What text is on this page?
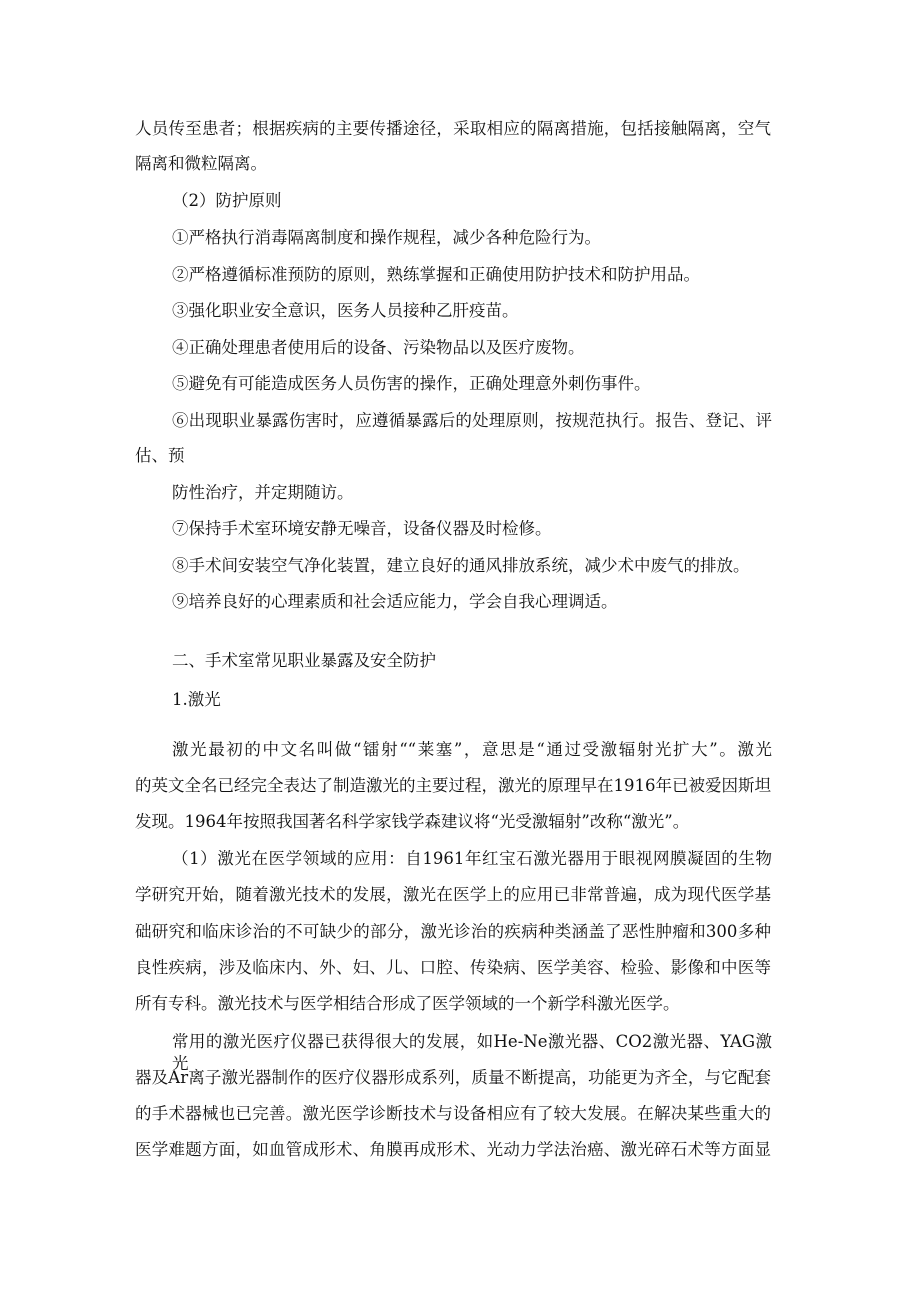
人员传至患者；根据疾病的主要传播途径，采取相应的隔离措施，包括接触隔离，空气
隔离和微粒隔离。
（2）防护原则
①严格执行消毒隔离制度和操作规程，减少各种危险行为。
②严格遵循标准预防的原则，熟练掌握和正确使用防护技术和防护用品。
③强化职业安全意识，医务人员接种乙肝疫苗。
④正确处理患者使用后的设备、污染物品以及医疗废物。
⑤避免有可能造成医务人员伤害的操作，正确处理意外刺伤事件。
⑥出现职业暴露伤害时，应遵循暴露后的处理原则，按规范执行。报告、登记、评
估、预
防性治疗，并定期随访。
⑦保持手术室环境安静无噪音，设备仪器及时检修。
⑧手术间安装空气净化装置，建立良好的通风排放系统，减少术中废气的排放。
⑨培养良好的心理素质和社会适应能力，学会自我心理调适。
二、手术室常见职业暴露及安全防护
1.激光
激光最初的中文名叫做“镭射““莱塞”，意思是“通过受激辐射光扩大”。激光
的英文全名已经完全表达了制造激光的主要过程，激光的原理早在1916年已被爱因斯坦
发现。1964年按照我国著名科学家钱学森建议将“光受激辐射”改称“激光”。
（1）激光在医学领域的应用：自1961年红宝石激光器用于眼视网膜凝固的生物
学研究开始，随着激光技术的发展，激光在医学上的应用已非常普遍，成为现代医学基
础研究和临床诊治的不可缺少的部分，激光诊治的疾病种类涵盖了恶性肿瘤和300多种
良性疾病，涉及临床内、外、妇、儿、口腔、传染病、医学美容、检验、影像和中医等
所有专科。激光技术与医学相结合形成了医学领域的一个新学科激光医学。
常用的激光医疗仪器已获得很大的发展，如He-Ne激光器、CO2激光器、YAG激光
器及Ar离子激光器制作的医疗仪器形成系列，质量不断提高，功能更为齐全，与它配套
的手术器械也已完善。激光医学诊断技术与设备相应有了较大发展。在解决某些重大的
医学难题方面，如血管成形术、角膜再成形术、光动力学法治癌、激光碎石术等方面显
